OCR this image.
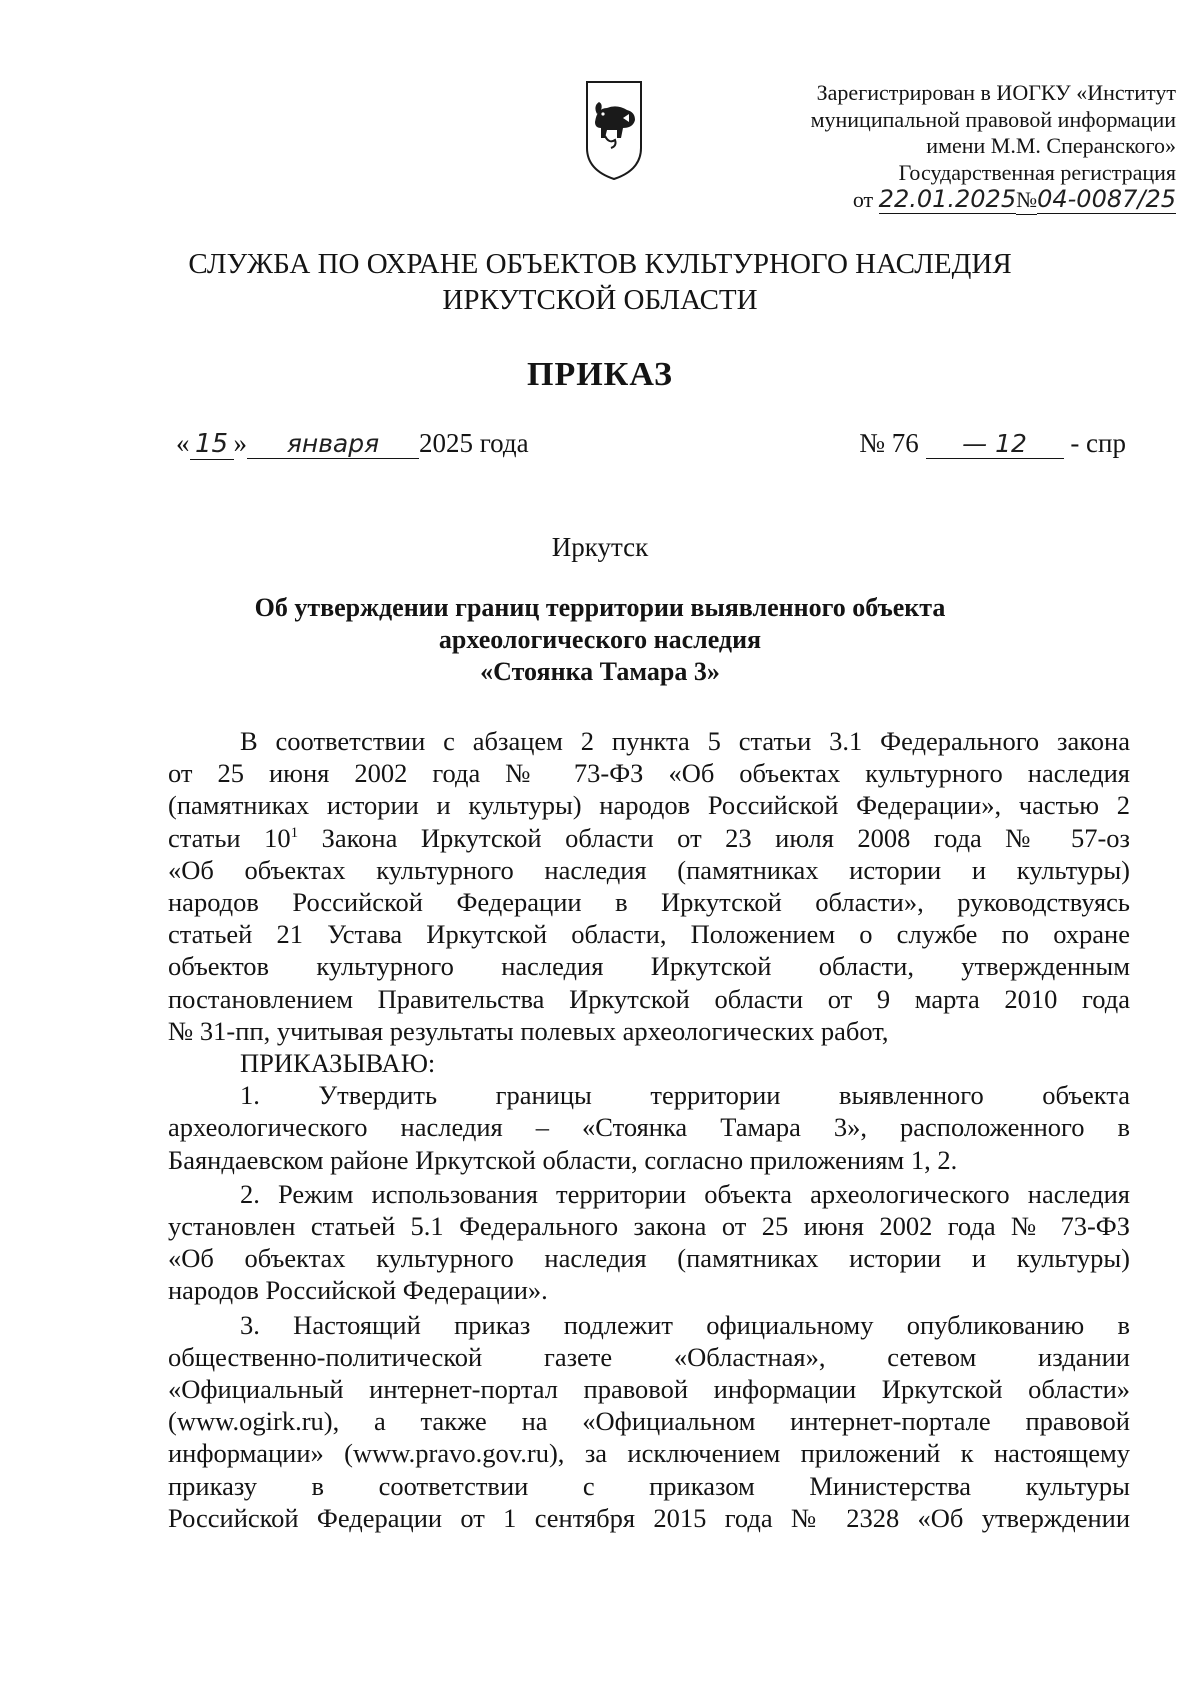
Зарегистрирован в ИОГКУ «Институт
муниципальной правовой информации
имени М.М. Сперанского»
Государственная регистрация
от 22.01.2025№04-0087/25
СЛУЖБА ПО ОХРАНЕ ОБЪЕКТОВ КУЛЬТУРНОГО НАСЛЕДИЯ
ИРКУТСКОЙ ОБЛАСТИ
ПРИКАЗ
« 15 » января 2025 года	№ 76 — 12 - спр
Иркутск
Об утверждении границ территории выявленного объекта
археологического наследия
«Стоянка Тамара 3»

В соответствии с абзацем 2 пункта 5 статьи 3.1 Федерального закона

от 25 июня 2002 года № 73-ФЗ «Об объектах культурного наследия

(памятниках истории и культуры) народов Российской Федерации», частью 2

статьи $10^1$ Закона Иркутской области от 23 июля 2008 года № 57-оз

«Об объектах культурного наследия (памятниках истории и культуры)

народов Российской Федерации в Иркутской области», руководствуясь

статьей 21 Устава Иркутской области, Положением о службе по охране

объектов культурного наследия Иркутской области, утвержденным

постановлением Правительства Иркутской области от 9 марта 2010 года

№ 31-пп, учитывая результаты полевых археологических работ,

ПРИКАЗЫВАЮ:

1. Утвердить границы территории выявленного объекта

археологического наследия – «Стоянка Тамара 3», расположенного в

Баяндаевском районе Иркутской области, согласно приложениям 1, 2.

2. Режим использования территории объекта археологического наследия

установлен статьей 5.1 Федерального закона от 25 июня 2002 года № 73-ФЗ

«Об объектах культурного наследия (памятниках истории и культуры)

народов Российской Федерации».

3. Настоящий приказ подлежит официальному опубликованию в

общественно-политической газете «Областная», сетевом издании

«Официальный интернет-портал правовой информации Иркутской области»

(www.ogirk.ru), а также на «Официальном интернет-портале правовой

информации» (www.pravo.gov.ru), за исключением приложений к настоящему

приказу в соответствии с приказом Министерства культуры

Российской Федерации от 1 сентября 2015 года № 2328 «Об утверждении
